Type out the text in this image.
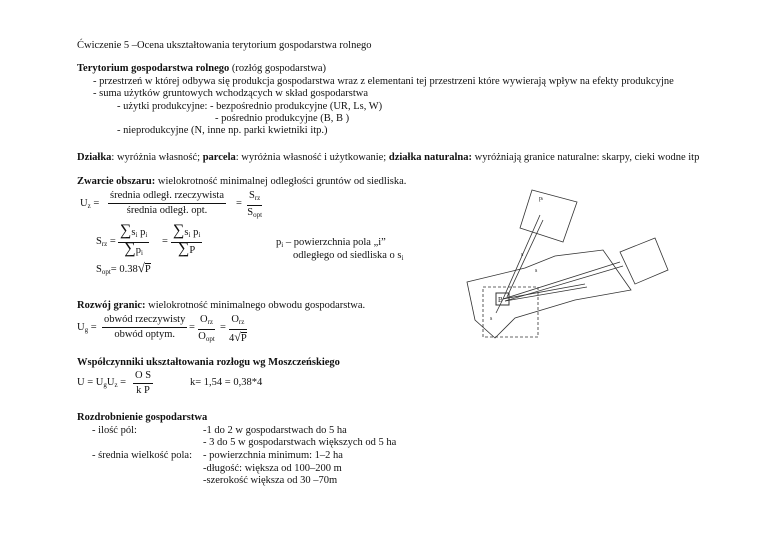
Ćwiczenie 5 –Ocena ukształtowania terytorium gospodarstwa rolnego
Terytorium gospodarstwa rolnego (rozłóg gospodarstwa)
- przestrzeń w której odbywa się produkcja gospodarstwa wraz z elementani tej przestrzeni które wywierają wpływ na efekty produkcyjne
- suma użytków gruntowych wchodzących w skład gospodarstwa
- użytki produkcyjne: - bezpośrednio produkcyjne (UR, Ls, W)
- pośrednio produkcyjne (B, B )
- nieprodukcyjne (N, inne np. parki kwietniki itp.)
Działka: wyróżnia własność; parcela: wyróżnia własność i użytkowanie; działka naturalna: wyróżniają granice naturalne: skarpy, cieki wodne itp
Zwarcie obszaru: wielokrotność minimalnej odległości gruntów od siedliska.
$U_z$ =
średnia odległ. rzeczywista
średnia odległ. opt.
=
$S_{rz}$
$S_{opt}$
$S_{rz} = \frac{\sum s_i p_i}{\sum p_i} = \frac{\sum s_i p_i}{\sum P}$
$S_{opt}= 0.38√P$
$p_i$ – powierzchnia pola „i”
odległego od siedliska o $s_i$
Rozwój granic: wielokrotność minimalnego obwodu gospodarstwa.
$U_g$ =
obwód rzeczywisty
obwód optym.
=
$O_{rz}$
$O_{opt}$
=
$O_{rz}$
4√P
Współczynniki ukształtowania rozłogu wg Moszczeńskiego
$U = U_gU_z = \frac{\text{O S}}{\text{k P}}$	k= 1,54 = 0,38*4
Rozdrobnienie gospodarstwa
- ilość pól:	-1 do 2 w gospodarstwach do 5 ha
- 3 do 5 w gospodarstwach większych od 5 ha
- średnia wielkość pola: - powierzchnia minimum: 1–2 ha
-długość: większa od 100–200 m
-szerokość większa od 30 –70m
pi
B
s
s
s
